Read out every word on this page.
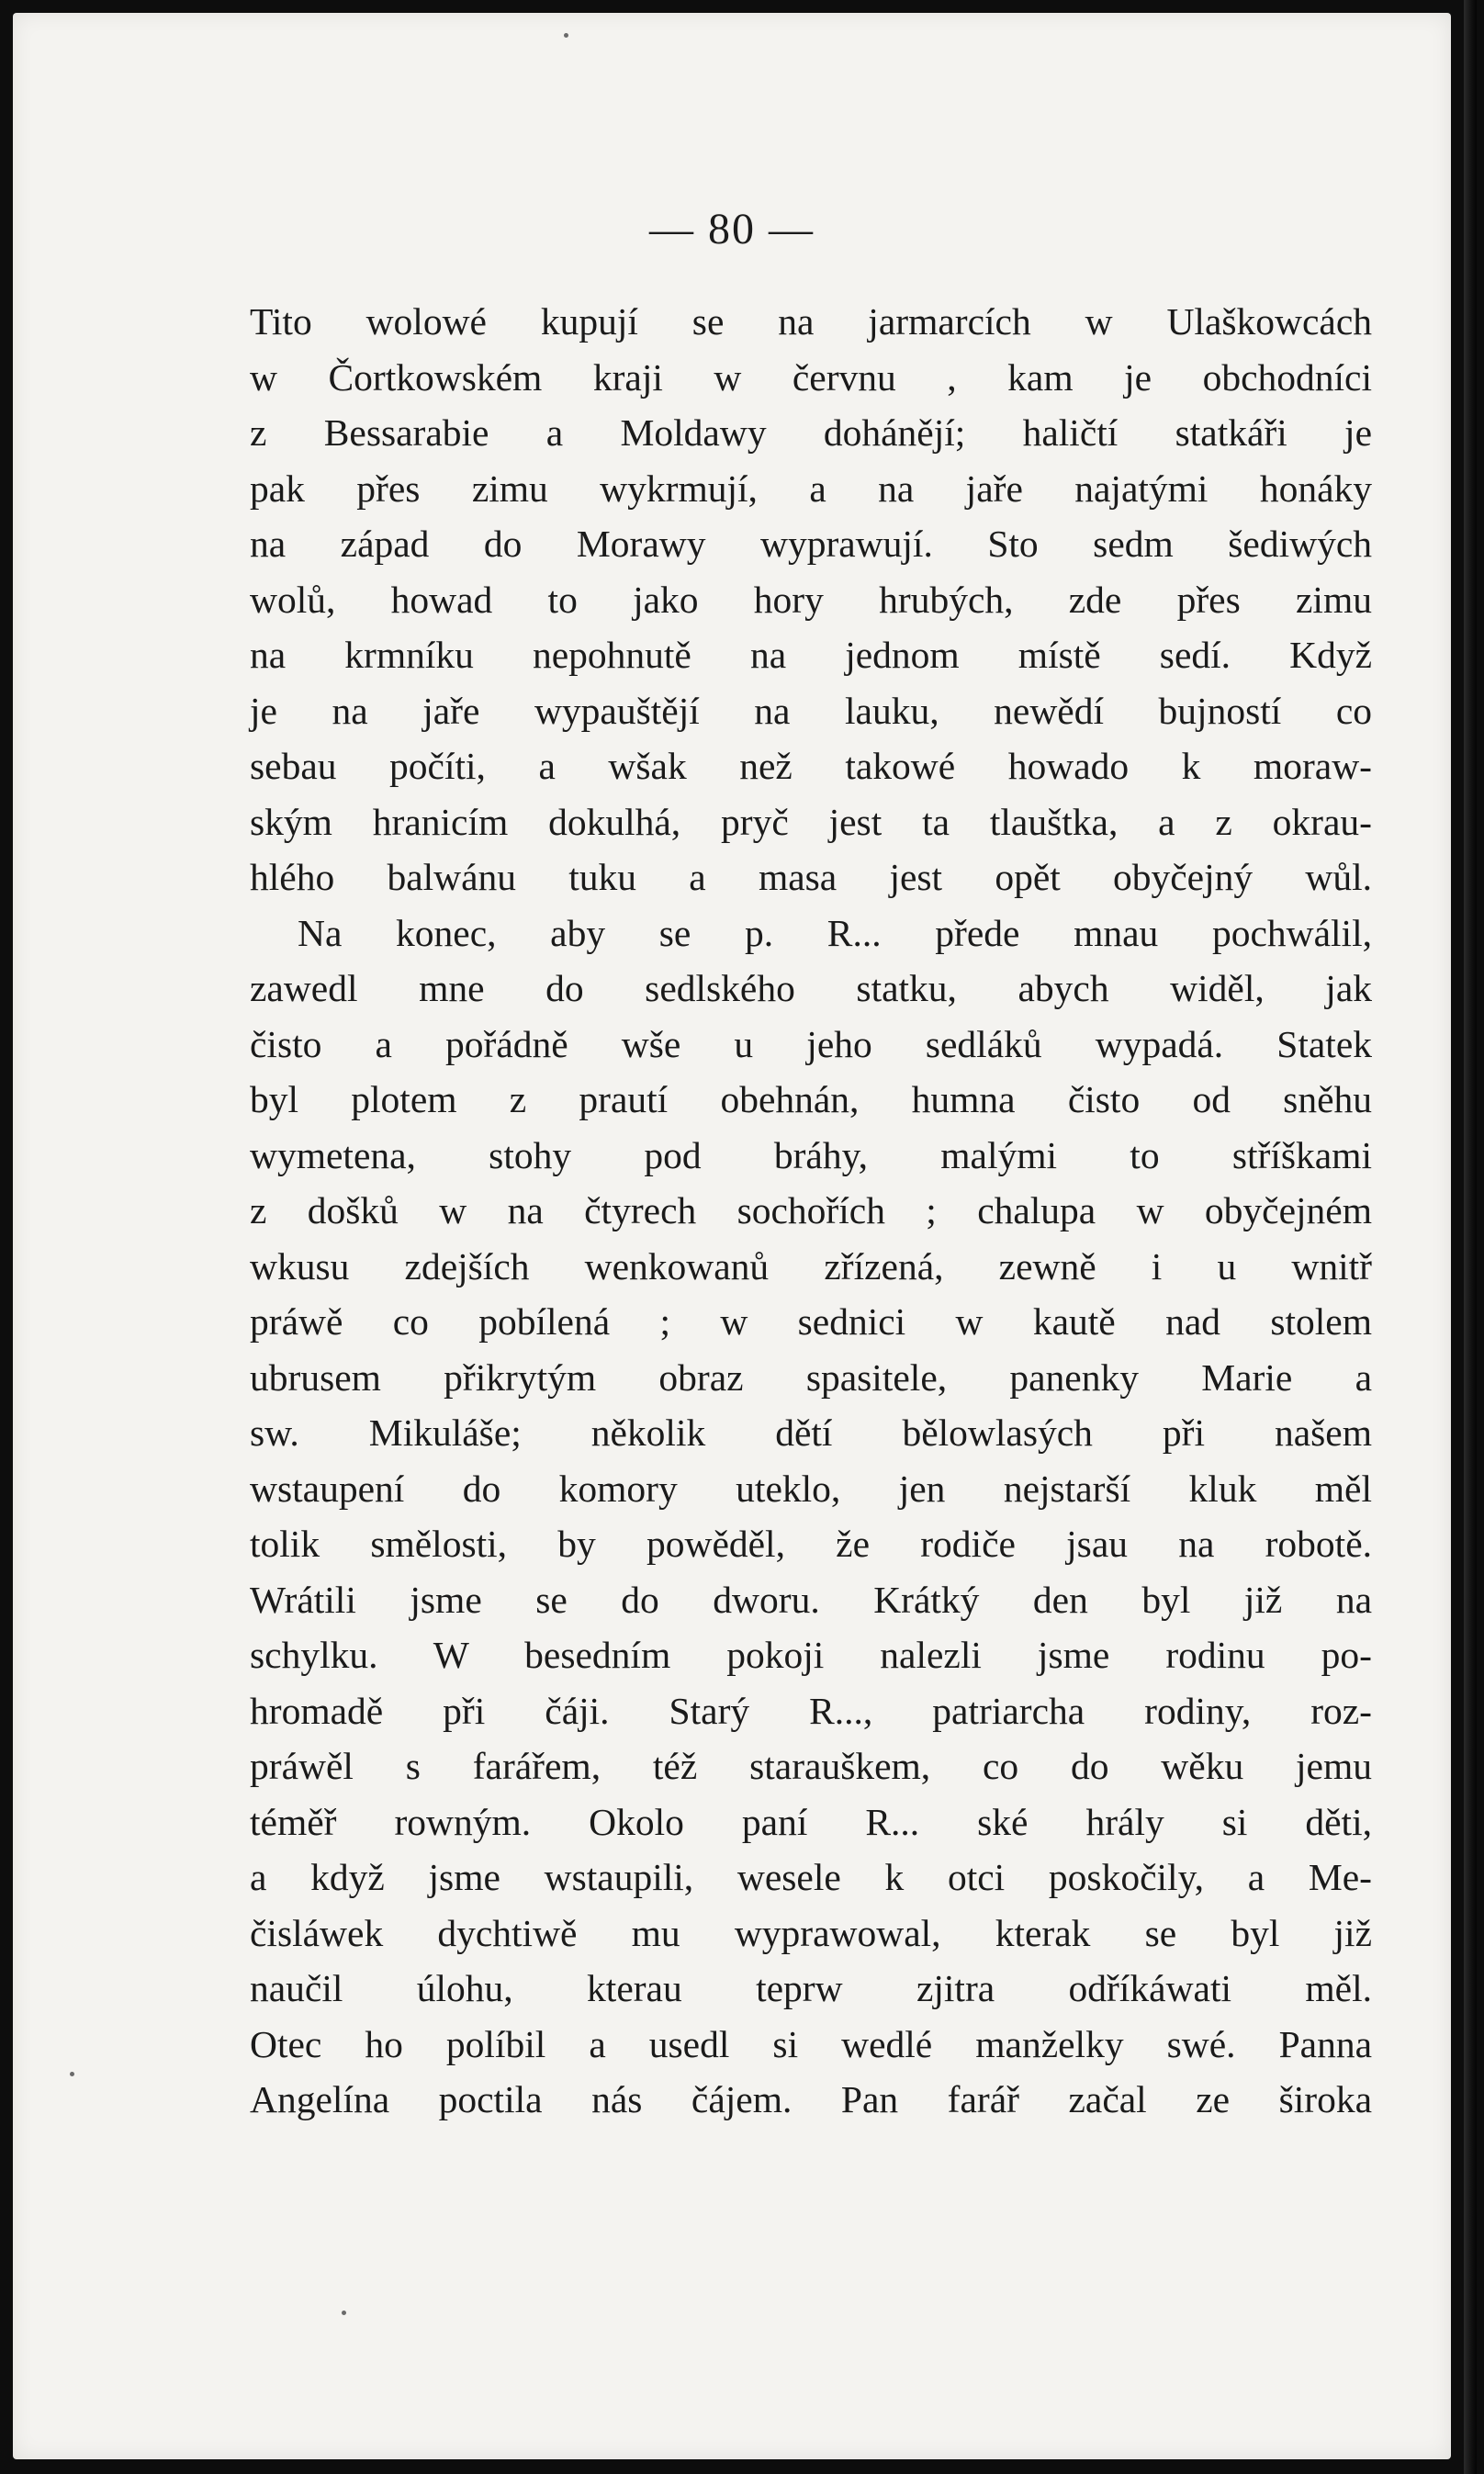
— 80 —
Tito wolowé kupují se na jarmarcích w Ulaškowcách
w Čortkowském kraji w červnu , kam je obchodníci
z Bessarabie a Moldawy dohánějí; haličtí statkáři je
pak přes zimu wykrmují, a na jaře najatými honáky
na západ do Morawy wyprawují. Sto sedm šediwých
wolů, howad to jako hory hrubých, zde přes zimu
na krmníku nepohnutě na jednom místě sedí. Když
je na jaře wypauštějí na lauku, newědí bujností co
sebau počíti, a wšak než takowé howado k moraw-
ským hranicím dokulhá, pryč jest ta tlauštka, a z okrau-
hlého balwánu tuku a masa jest opět obyčejný wůl.
Na konec, aby se p. R... přede mnau pochwálil,
zawedl mne do sedlského statku, abych widěl, jak
čisto a pořádně wše u jeho sedláků wypadá. Statek
byl plotem z prautí obehnán, humna čisto od sněhu
wymetena, stohy pod bráhy, malými to stříškami
z došků w na čtyrech sochořích ; chalupa w obyčejném
wkusu zdejších wenkowanů zřízená, zewně i u wnitř
práwě co pobílená ; w sednici w kautě nad stolem
ubrusem přikrytým obraz spasitele, panenky Marie a
sw. Mikuláše; několik dětí bělowlasých při našem
wstaupení do komory uteklo, jen nejstarší kluk měl
tolik smělosti, by powěděl, že rodiče jsau na robotě.
Wrátili jsme se do dworu. Krátký den byl již na
schylku. W besedním pokoji nalezli jsme rodinu po-
hromadě při čáji. Starý R..., patriarcha rodiny, roz-
práwěl s farářem, též starauškem, co do wěku jemu
téměř rowným. Okolo paní R... ské hrály si děti,
a když jsme wstaupili, wesele k otci poskočily, a Me-
čisláwek dychtiwě mu wyprawowal, kterak se byl již
naučil úlohu, kterau teprw zjitra odříkáwati měl.
Otec ho políbil a usedl si wedlé manželky swé. Panna
Angelína poctila nás čájem. Pan farář začal ze široka
